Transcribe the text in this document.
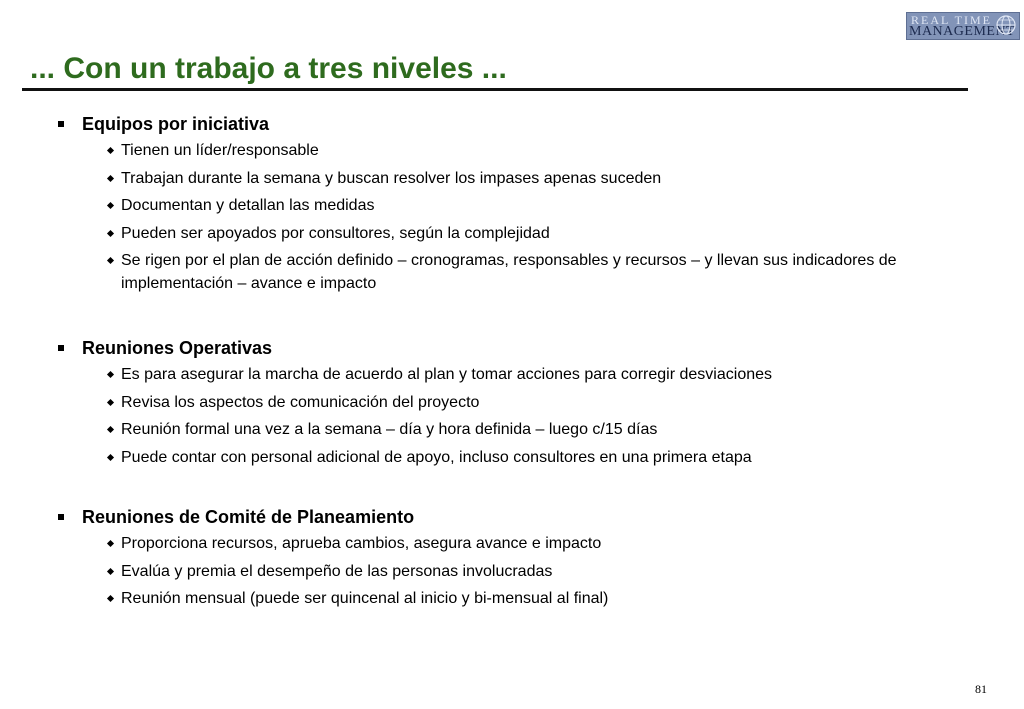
... Con un trabajo a tres niveles ...
REAL TIME
MANAGEMENT
Equipos por iniciativa
Tienen un líder/responsable
Trabajan durante la semana y buscan resolver los impases apenas suceden
Documentan y detallan las medidas
Pueden ser apoyados por consultores, según la complejidad
Se rigen por el plan de acción definido – cronogramas, responsables y recursos – y llevan sus indicadores de implementación – avance e impacto
Reuniones Operativas
Es para asegurar la marcha de acuerdo al plan y tomar acciones para corregir desviaciones
Revisa los aspectos de comunicación del proyecto
Reunión formal una vez a la semana – día y hora definida – luego c/15 días
Puede contar con personal adicional de apoyo, incluso consultores en una primera etapa
Reuniones de Comité de Planeamiento
Proporciona recursos, aprueba cambios, asegura avance e impacto
Evalúa y premia el desempeño de las personas involucradas
Reunión mensual (puede ser quincenal al inicio y bi-mensual al final)
81
